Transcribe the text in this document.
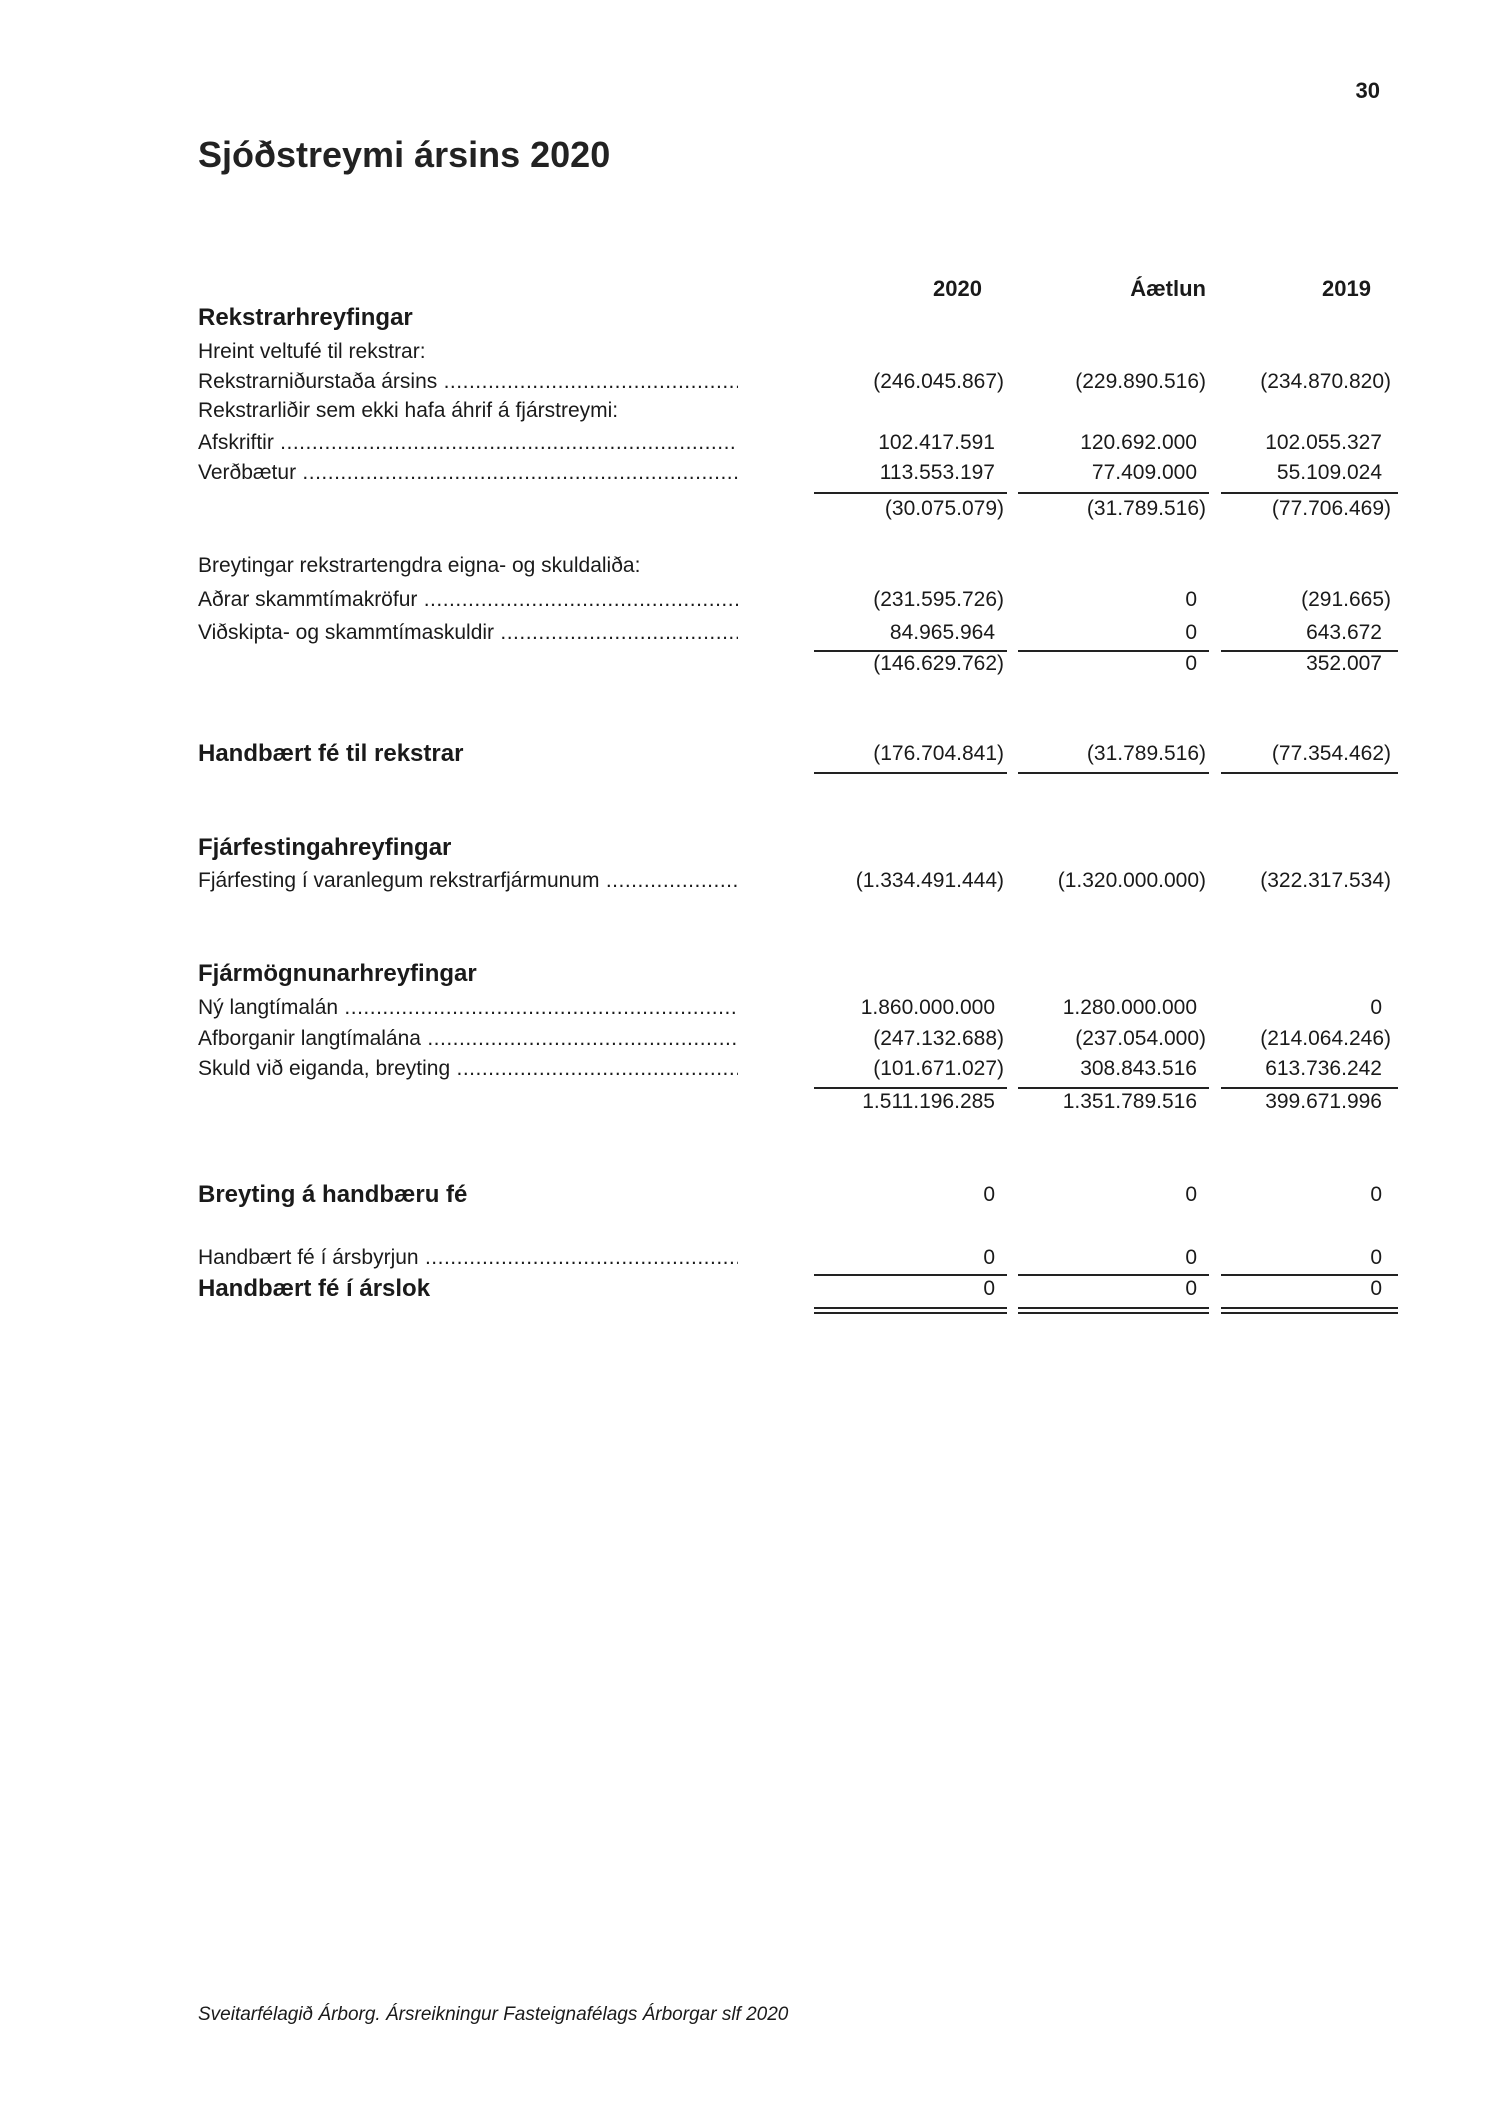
30
Sjóðstreymi ársins 2020
2020	Áætlun	2019
Rekstrarhreyfingar
Hreint veltufé til rekstrar:
Rekstrarniðurstaða ársins .....	(246.045.867)	(229.890.516)	(234.870.820)
Rekstrarliðir sem ekki hafa áhrif á fjárstreymi:
Afskriftir .....	102.417.591	120.692.000	102.055.327
Verðbætur .....	113.553.197	77.409.000	55.109.024
(30.075.079)	(31.789.516)	(77.706.469)
Breytingar rekstrartengdra eigna- og skuldaliða:
Aðrar skammtímakröfur .....	(231.595.726)	0	(291.665)
Viðskipta- og skammtímaskuldir .....	84.965.964	0	643.672
(146.629.762)	0	352.007
Handbært fé til rekstrar	(176.704.841)	(31.789.516)	(77.354.462)
Fjárfestingahreyfingar
Fjárfesting í varanlegum rekstrarfjármunum .....	(1.334.491.444)	(1.320.000.000)	(322.317.534)
Fjármögnunarhreyfingar
Ný langtímalán .....	1.860.000.000	1.280.000.000	0
Afborganir langtímalána .....	(247.132.688)	(237.054.000)	(214.064.246)
Skuld við eiganda, breyting .....	(101.671.027)	308.843.516	613.736.242
1.511.196.285	1.351.789.516	399.671.996
Breyting á handbæru fé	0	0	0
Handbært fé í ársbyrjun .....	0	0	0
Handbært fé í árslok	0	0	0
Sveitarfélagið Árborg. Ársreikningur Fasteignafélags Árborgar slf 2020
